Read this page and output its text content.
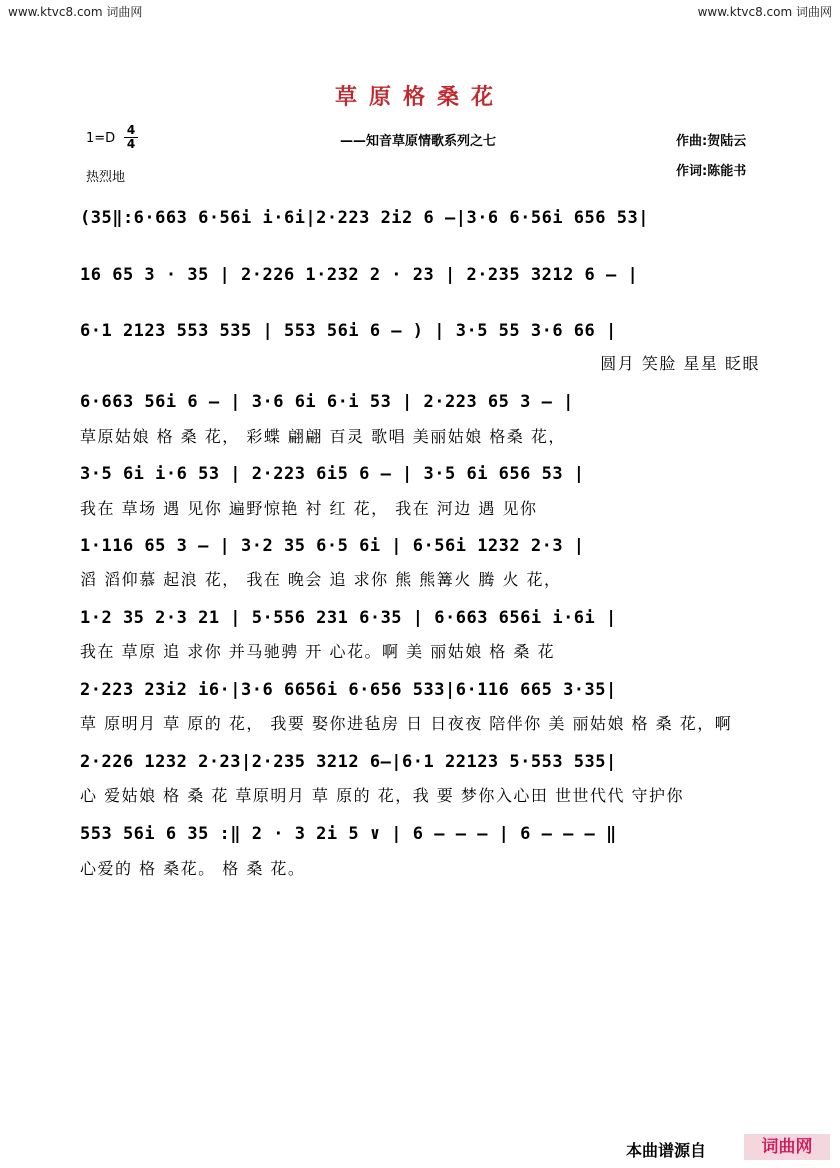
www.ktvc8.com 词曲网	www.ktvc8.com 词曲网
草原格桑花
$1=D \frac{4}{4}$	——知音草原情歌系列之七	作曲:贺陆云
作词:陈能书
热烈地
(35‖:6·663 6·56i i·6i|2·223 2i2 6 —|3·6 6·56i 656 53|
16 65 3 · 35 | 2·226 1·232 2 · 23 | 2·235 3212 6 — |
6·1 2123 553 535 | 553 56i 6 — ) | 3·5 55 3·6 66 |
圆月 笑脸 星星 眨眼
6·663 56i 6 — | 3·6 6i 6·i 53 | 2·223 65 3 — |
草原姑娘 格 桑 花， 彩蝶 翩翩 百灵 歌唱 美丽姑娘 格桑 花，
3·5 6i i·6 53 | 2·223 6i5 6 — | 3·5 6i 656 53 |
我在 草场 遇 见你 遍野惊艳 衬 红 花， 我在 河边 遇 见你
1·116 65 3 — | 3·2 35 6·5 6i | 6·56i 1232 2·3 |
滔 滔仰慕 起浪 花， 我在 晚会 追 求你 熊 熊篝火 腾 火 花，
1·2 35 2·3 21 | 5·556 231 6·35 | 6·663 656i i·6i |
我在 草原 追 求你 并马驰骋 开 心花。啊 美 丽姑娘 格 桑 花
2·223 23i2 i6·|3·6 6656i 6·656 533|6·116 665 3·35|
草 原明月 草 原的 花， 我要 娶你进毡房 日 日夜夜 陪伴你 美 丽姑娘 格 桑 花，啊
2·226 1232 2·23|2·235 3212 6—|6·1 22123 5·553 535|
心 爱姑娘 格 桑 花 草原明月 草 原的 花，我 要 梦你入心田 世世代代 守护你
553 56i 6 35 :‖ 2 · 3 2i 5 ∨ | 6 — — — | 6 — — — ‖
心爱的 格 桑花。 格 桑 花。
本曲谱源自	词曲网
